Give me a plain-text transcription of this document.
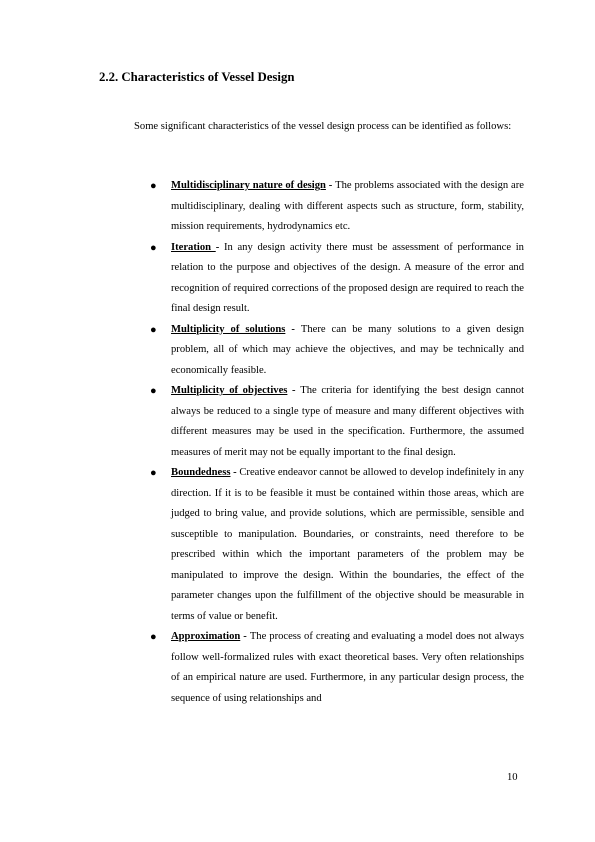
2.2. Characteristics of Vessel Design

Some significant characteristics of the vessel design process can be identified as follows:

● Multidisciplinary nature of design - The problems associated with the design are multidisciplinary, dealing with different aspects such as structure, form, stability, mission requirements, hydrodynamics etc.
● Iteration - In any design activity there must be assessment of performance in relation to the purpose and objectives of the design. A measure of the error and recognition of required corrections of the proposed design are required to reach the final design result.
● Multiplicity of solutions - There can be many solutions to a given design problem, all of which may achieve the objectives, and may be technically and economically feasible.
● Multiplicity of objectives - The criteria for identifying the best design cannot always be reduced to a single type of measure and many different objectives with different measures may be used in the specification. Furthermore, the assumed measures of merit may not be equally important to the final design.
● Boundedness - Creative endeavor cannot be allowed to develop indefinitely in any direction. If it is to be feasible it must be contained within those areas, which are judged to bring value, and provide solutions, which are permissible, sensible and susceptible to manipulation. Boundaries, or constraints, need therefore to be prescribed within which the important parameters of the problem may be manipulated to improve the design. Within the boundaries, the effect of the parameter changes upon the fulfillment of the objective should be measurable in terms of value or benefit.
● Approximation - The process of creating and evaluating a model does not always follow well-formalized rules with exact theoretical bases. Very often relationships of an empirical nature are used. Furthermore, in any particular design process, the sequence of using relationships and
10
